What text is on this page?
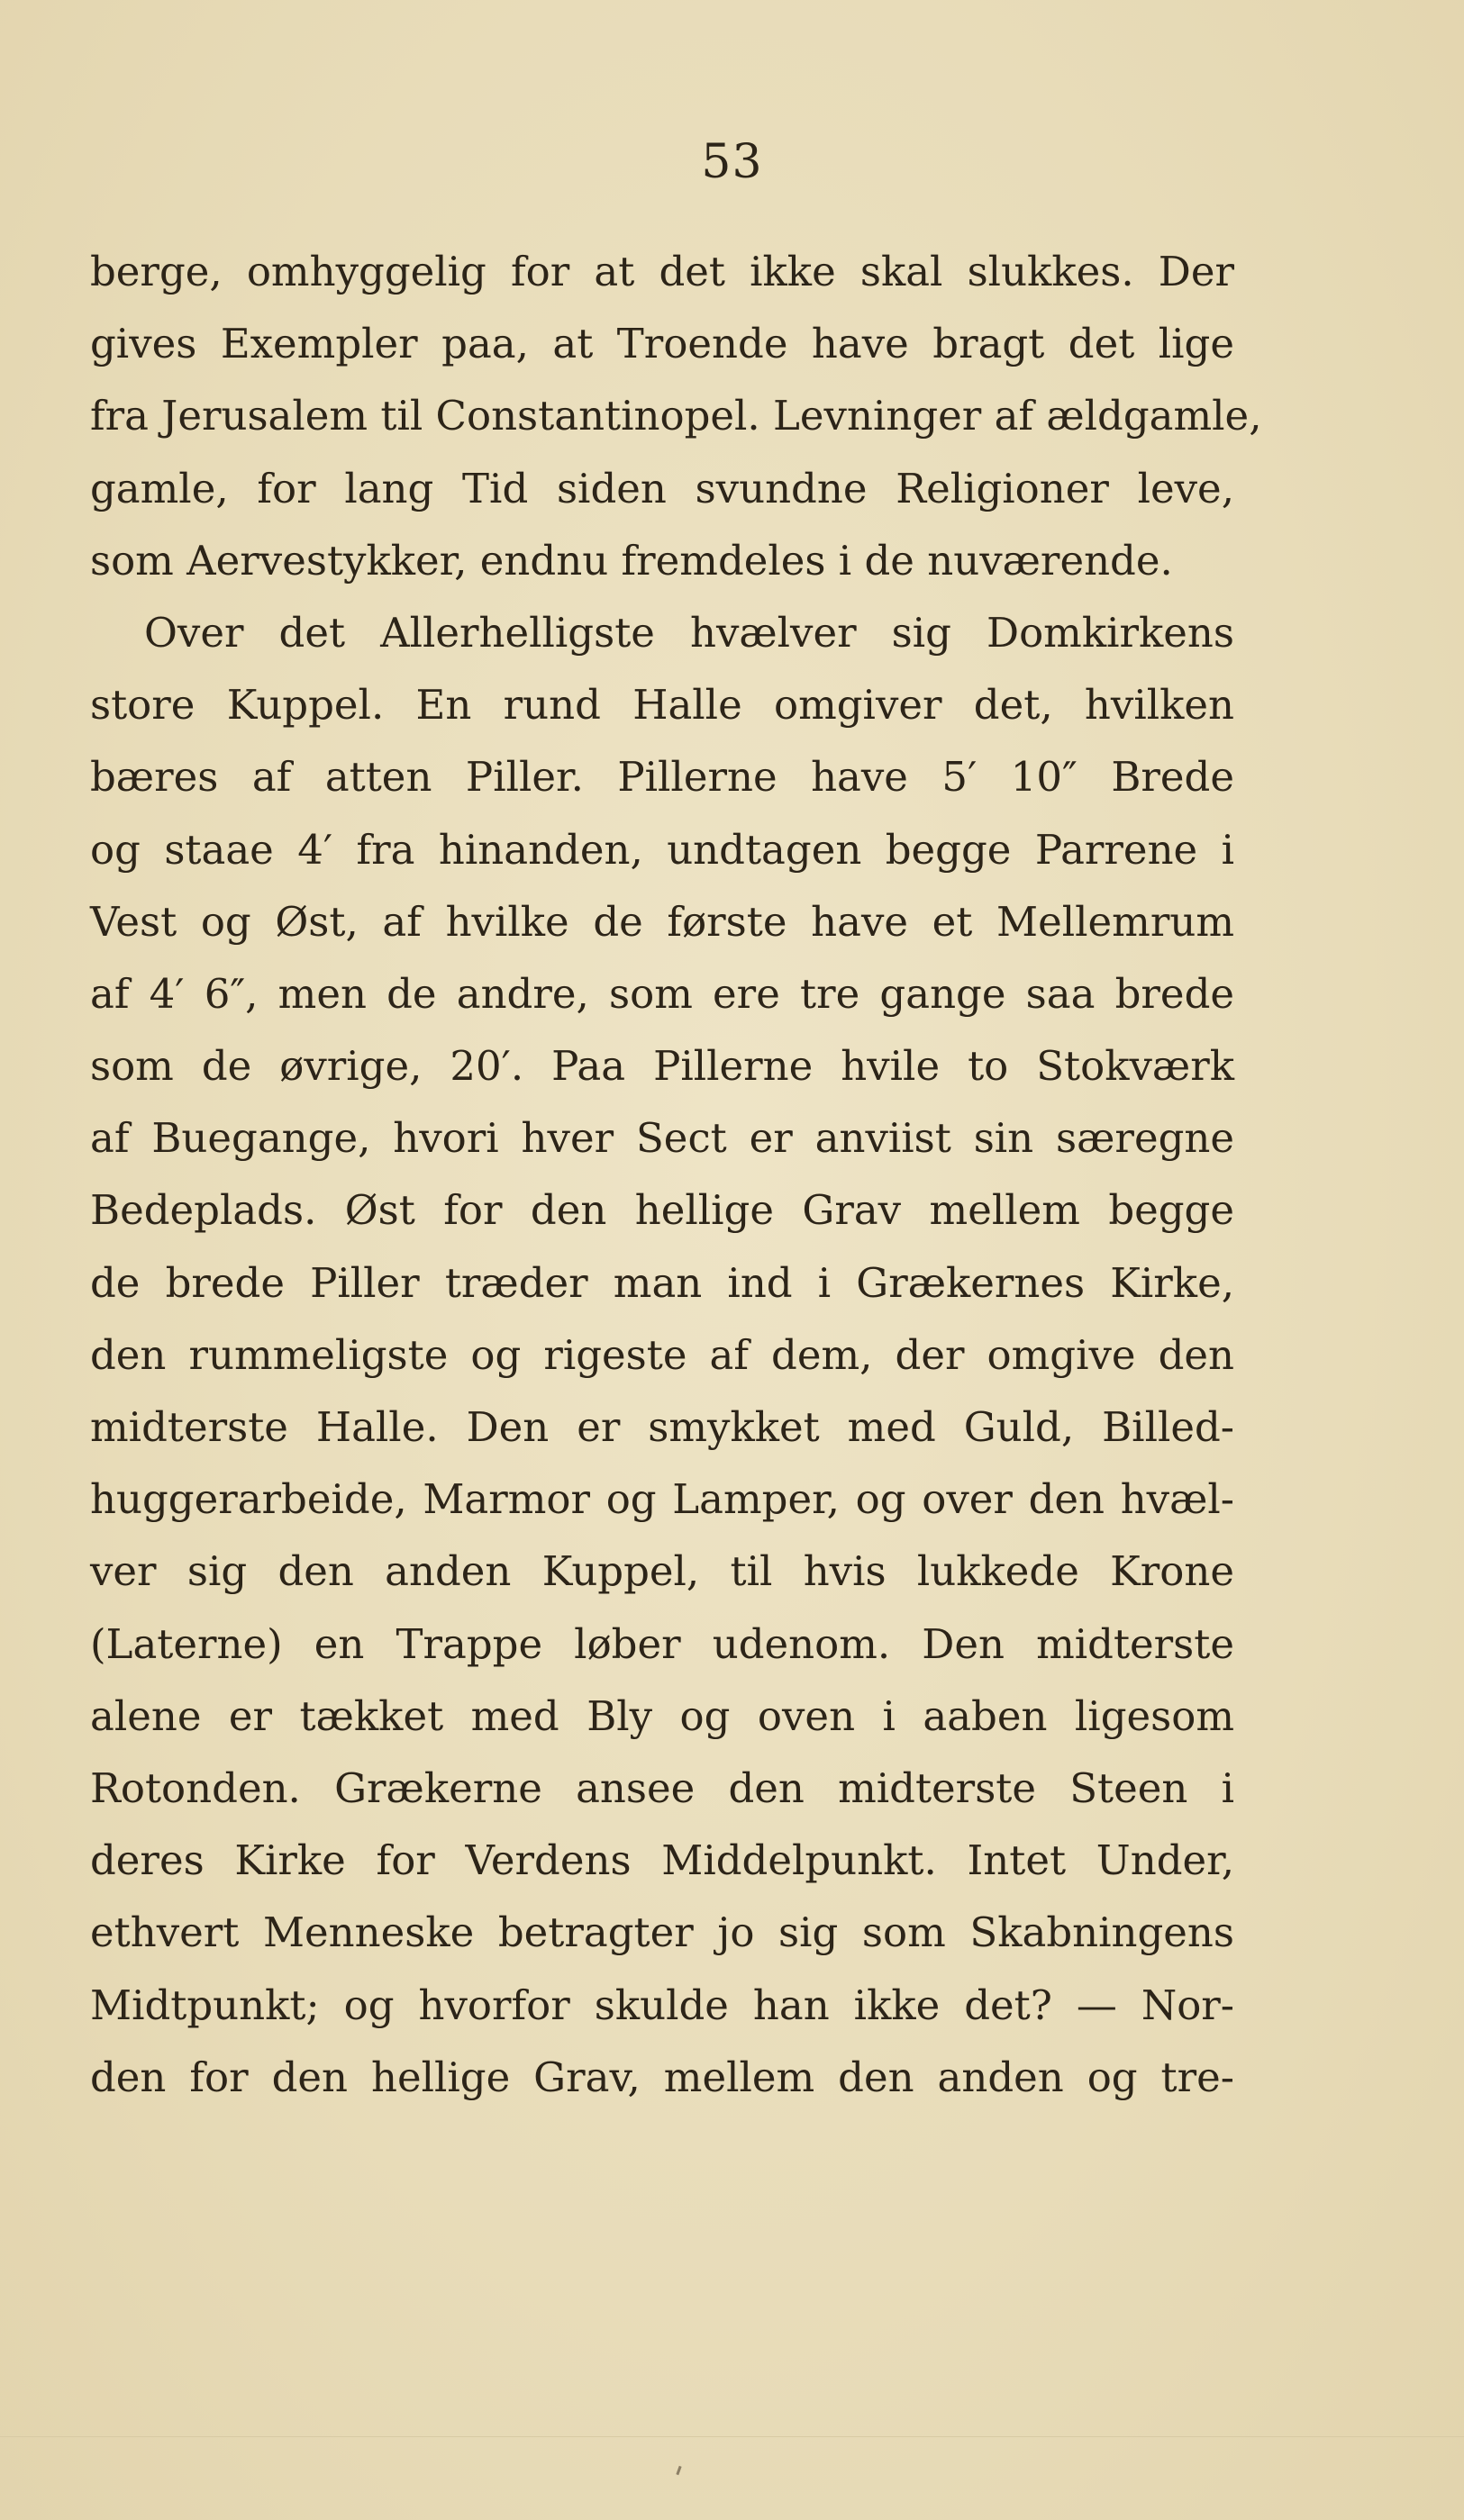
53
berge, omhyggelig for at det ikke skal slukkes. Der
gives Exempler paa, at Troende have bragt det lige
fra Jerusalem til Constantinopel. Levninger af ældgamle,
gamle, for lang Tid siden svundne Religioner leve,
som Aervestykker, endnu fremdeles i de nuværende.
Over det Allerhelligste hvælver sig Domkirkens
store Kuppel. En rund Halle omgiver det, hvilken
bæres af atten Piller. Pillerne have 5′ 10″ Brede
og staae 4′ fra hinanden, undtagen begge Parrene i
Vest og Øst, af hvilke de første have et Mellemrum
af 4′ 6″, men de andre, som ere tre gange saa brede
som de øvrige, 20′. Paa Pillerne hvile to Stokværk
af Buegange, hvori hver Sect er anviist sin særegne
Bedeplads. Øst for den hellige Grav mellem begge
de brede Piller træder man ind i Grækernes Kirke,
den rummeligste og rigeste af dem, der omgive den
midterste Halle. Den er smykket med Guld, Billed-
huggerarbeide, Marmor og Lamper, og over den hvæl-
ver sig den anden Kuppel, til hvis lukkede Krone
(Laterne) en Trappe løber udenom. Den midterste
alene er tækket med Bly og oven i aaben ligesom
Rotonden. Grækerne ansee den midterste Steen i
deres Kirke for Verdens Middelpunkt. Intet Under,
ethvert Menneske betragter jo sig som Skabningens
Midtpunkt; og hvorfor skulde han ikke det? — Nor-
den for den hellige Grav, mellem den anden og tre-
